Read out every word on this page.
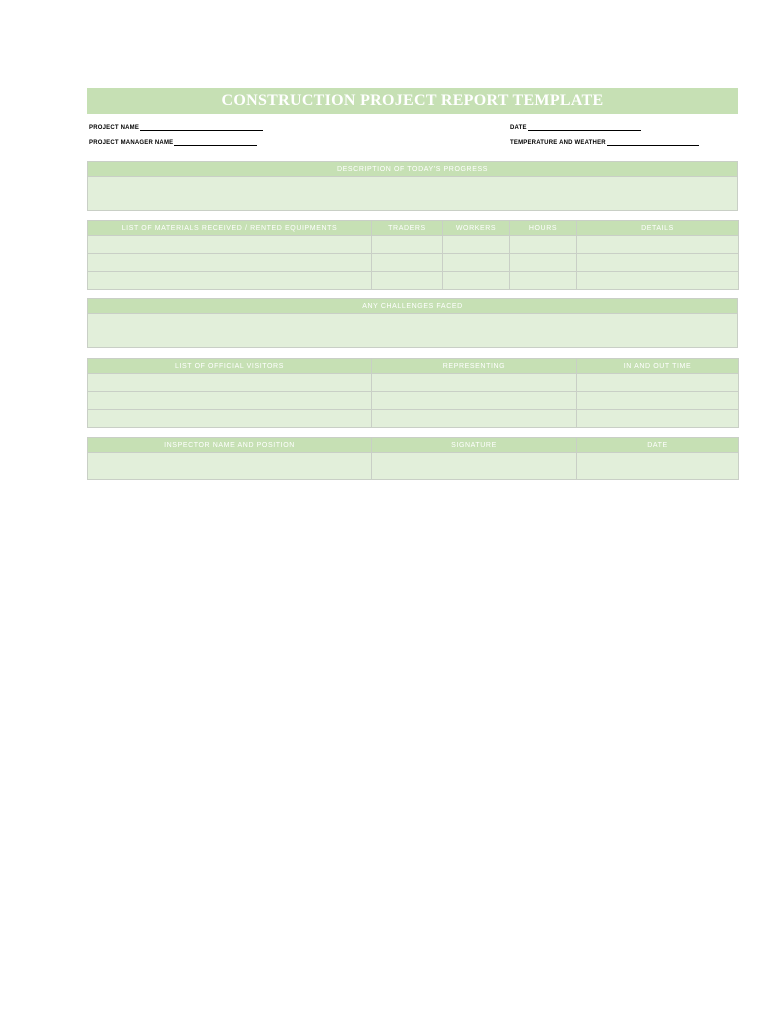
CONSTRUCTION PROJECT REPORT TEMPLATE
PROJECT NAME
PROJECT MANAGER NAME
DATE
TEMPERATURE AND WEATHER
DESCRIPTION OF TODAY'S PROGRESS

LIST OF MATERIALS RECEIVED / RENTED EQUIPMENTS	TRADERS	WORKERS	HOURS	DETAILS

ANY CHALLENGES FACED

LIST OF OFFICIAL VISITORS	REPRESENTING	IN AND OUT TIME

INSPECTOR NAME AND POSITION	SIGNATURE	DATE
